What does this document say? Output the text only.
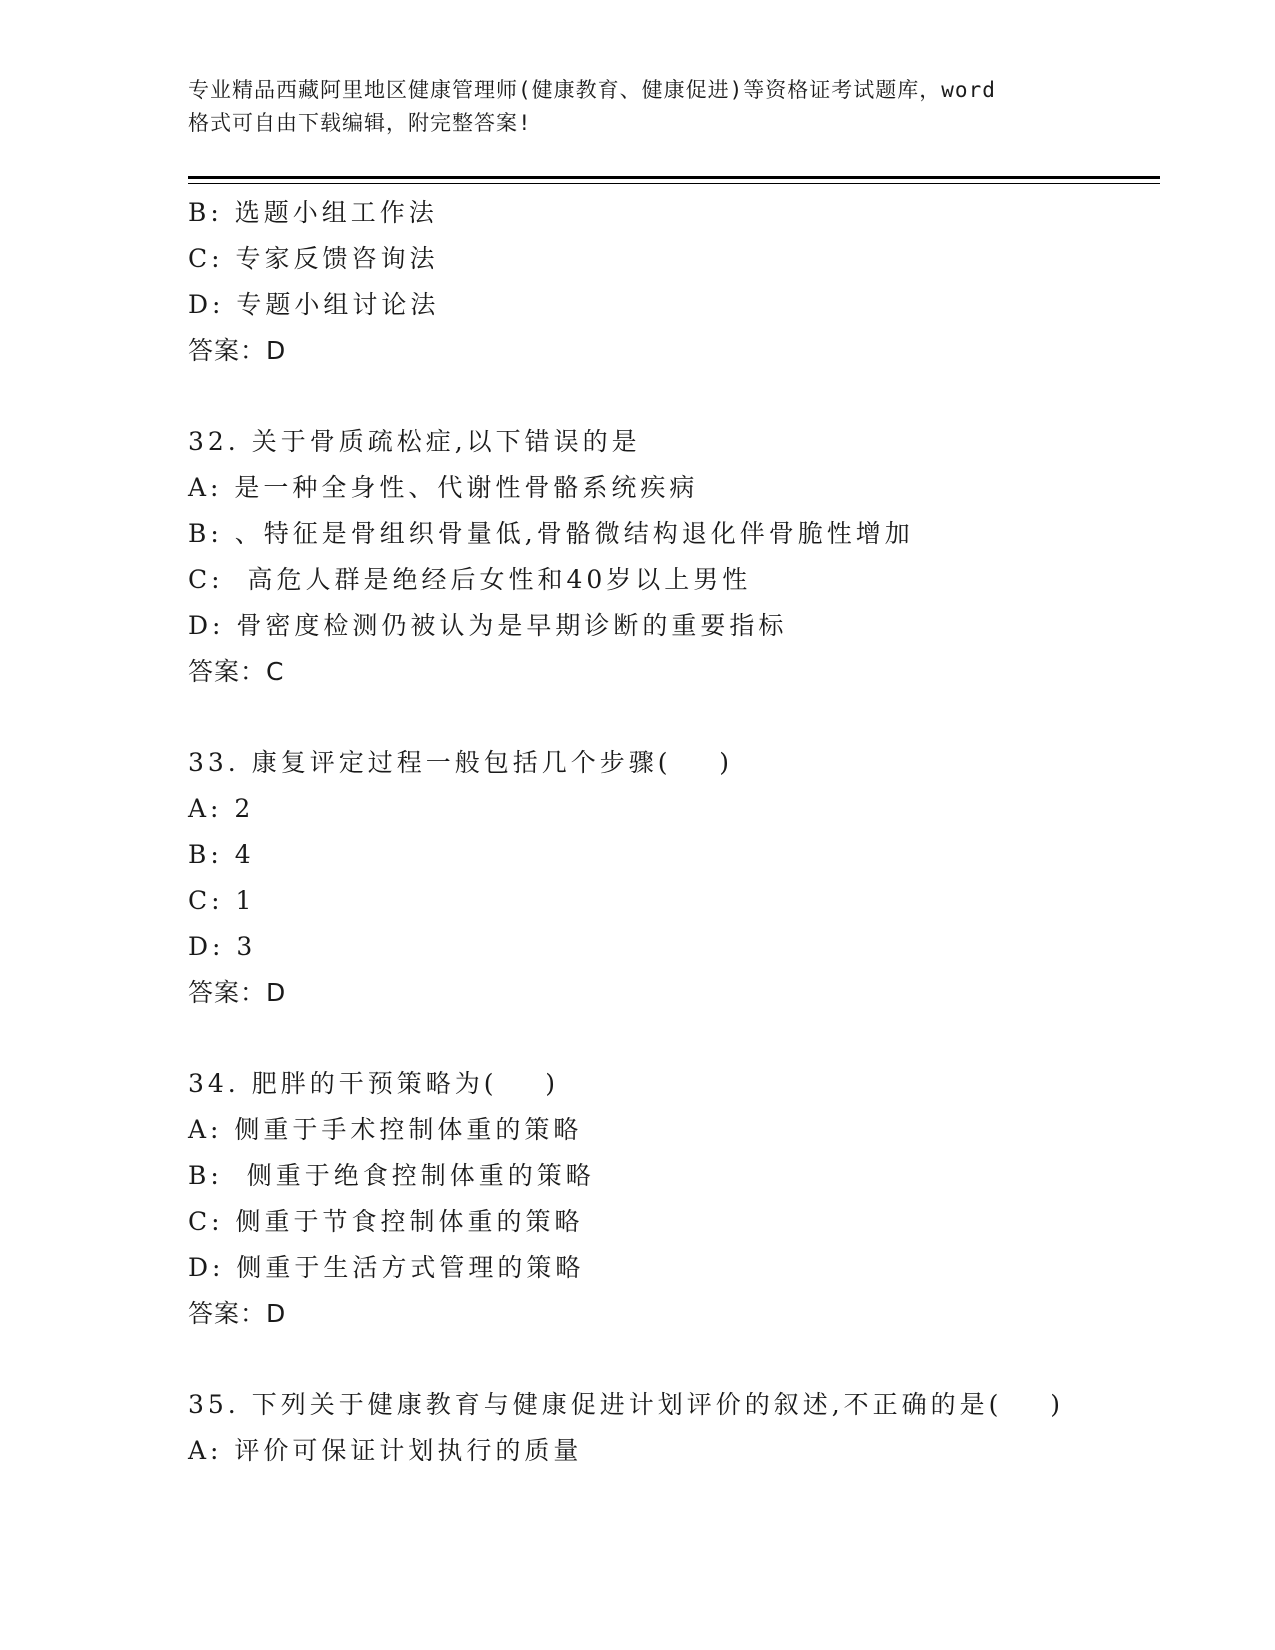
专业精品西藏阿里地区健康管理师(健康教育、健康促进)等资格证考试题库，word
格式可自由下载编辑，附完整答案!
B: 选题小组工作法
C: 专家反馈咨询法
D: 专题小组讨论法
答案：D
32. 关于骨质疏松症,以下错误的是
A: 是一种全身性、代谢性骨骼系统疾病
B: 、特征是骨组织骨量低,骨骼微结构退化伴骨脆性增加
C:  高危人群是绝经后女性和40岁以上男性
D: 骨密度检测仍被认为是早期诊断的重要指标
答案：C
33. 康复评定过程一般包括几个步骤(    )
A: 2
B: 4
C: 1
D: 3
答案：D
34. 肥胖的干预策略为(    )
A: 侧重于手术控制体重的策略
B:  侧重于绝食控制体重的策略
C: 侧重于节食控制体重的策略
D: 侧重于生活方式管理的策略
答案：D
35. 下列关于健康教育与健康促进计划评价的叙述,不正确的是(    )
A: 评价可保证计划执行的质量
